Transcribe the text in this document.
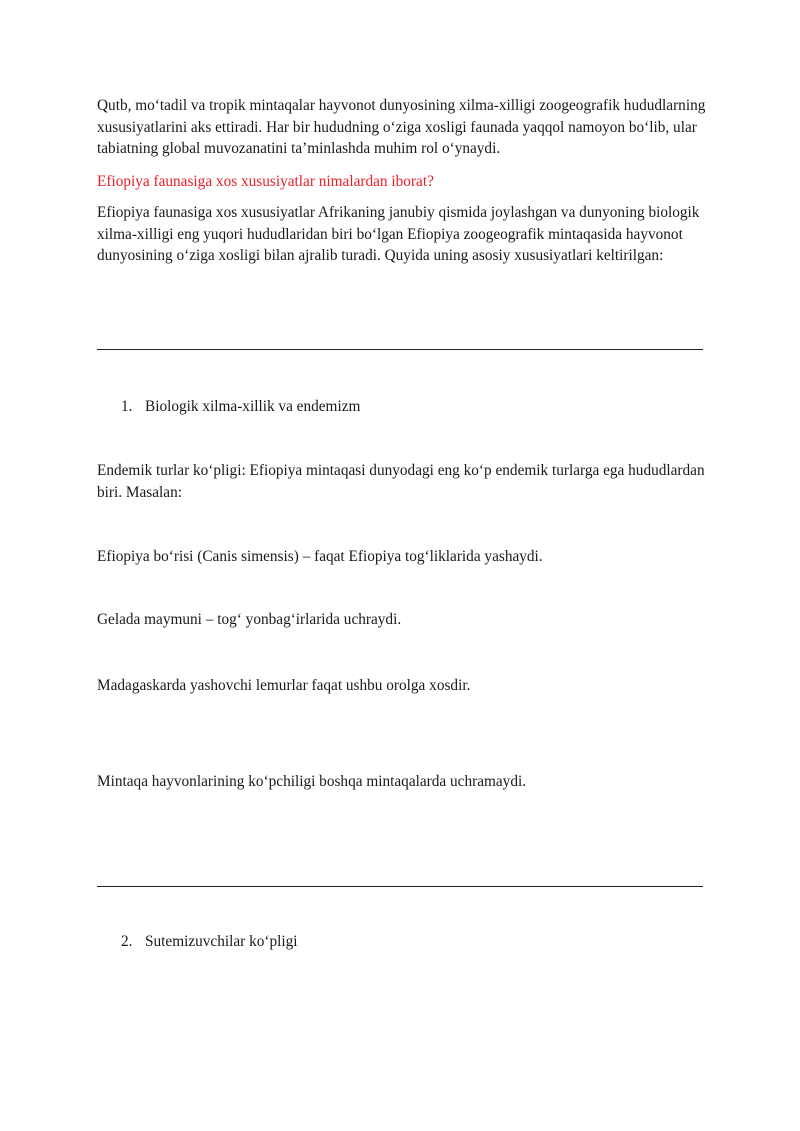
Qutb, mo‘tadil va tropik mintaqalar hayvonot dunyosining xilma-xilligi zoogeografik hududlarning xususiyatlarini aks ettiradi. Har bir hududning o‘ziga xosligi faunada yaqqol namoyon bo‘lib, ular tabiatning global muvozanatini ta’minlashda muhim rol o‘ynaydi.

Efiopiya faunasiga xos xususiyatlar nimalardan iborat?

Efiopiya faunasiga xos xususiyatlar Afrikaning janubiy qismida joylashgan va dunyoning biologik xilma-xilligi eng yuqori hududlaridan biri bo‘lgan Efiopiya zoogeografik mintaqasida hayvonot dunyosining o‘ziga xosligi bilan ajralib turadi. Quyida uning asosiy xususiyatlari keltirilgan:

1. Biologik xilma-xillik va endemizm

Endemik turlar ko‘pligi: Efiopiya mintaqasi dunyodagi eng ko‘p endemik turlarga ega hududlardan biri. Masalan:

Efiopiya bo‘risi (Canis simensis) – faqat Efiopiya tog‘liklarida yashaydi.

Gelada maymuni – tog‘ yonbag‘irlarida uchraydi.

Madagaskarda yashovchi lemurlar faqat ushbu orolga xosdir.

Mintaqa hayvonlarining ko‘pchiligi boshqa mintaqalarda uchramaydi.

2. Sutemizuvchilar ko‘pligi
